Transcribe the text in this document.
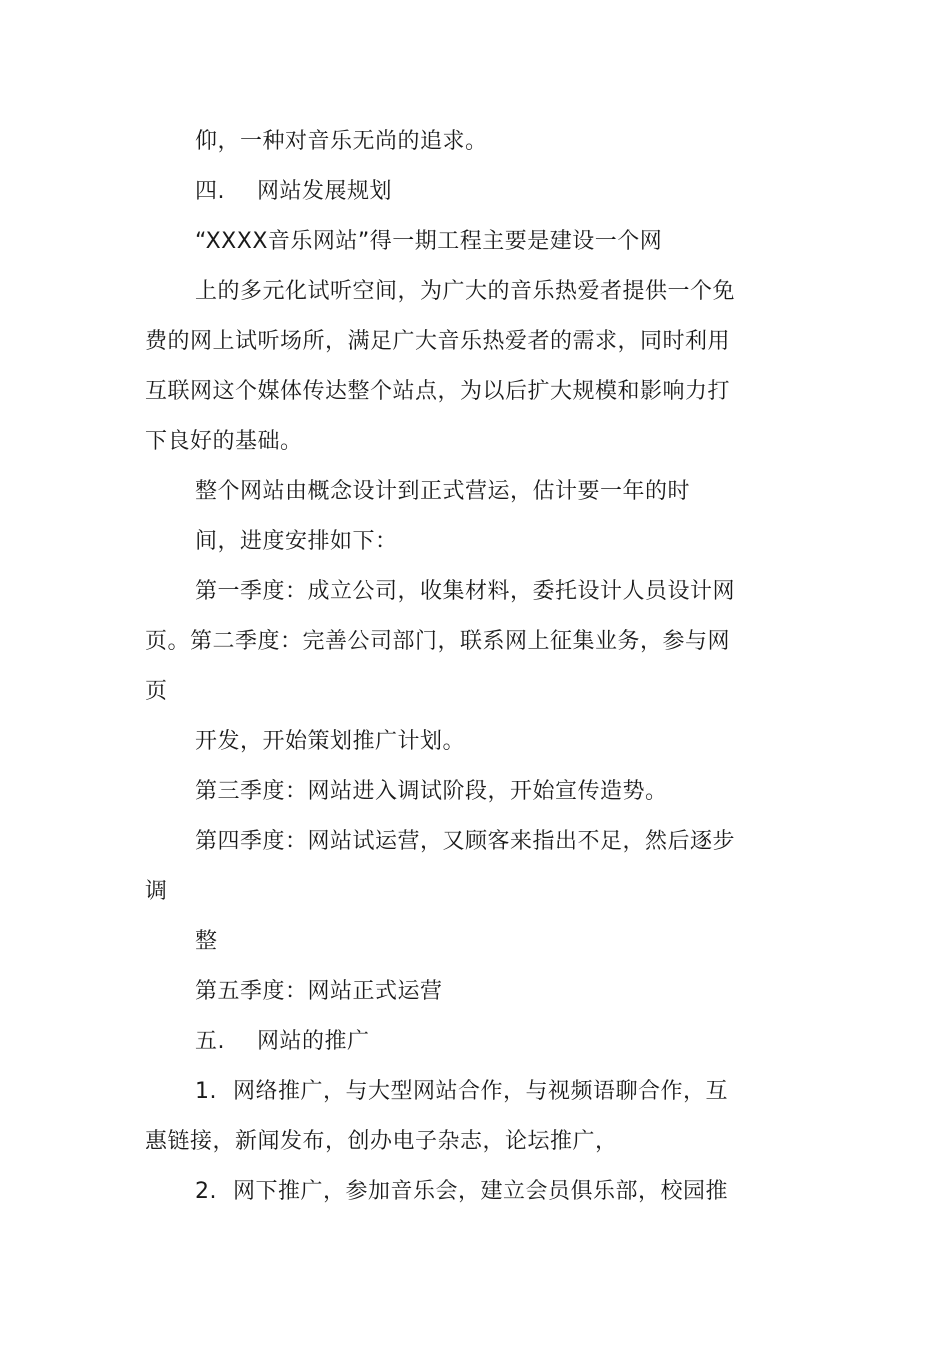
仰，一种对音乐无尚的追求。
四. 网站发展规划
“XXXX音乐网站”得一期工程主要是建设一个网
上的多元化试听空间，为广大的音乐热爱者提供一个免
费的网上试听场所，满足广大音乐热爱者的需求，同时利用
互联网这个媒体传达整个站点，为以后扩大规模和影响力打
下良好的基础。
整个网站由概念设计到正式营运，估计要一年的时
间，进度安排如下：
第一季度：成立公司，收集材料，委托设计人员设计网
页。第二季度：完善公司部门，联系网上征集业务，参与网
页
开发，开始策划推广计划。
第三季度：网站进入调试阶段，开始宣传造势。
第四季度：网站试运营，又顾客来指出不足，然后逐步
调
整
第五季度：网站正式运营
五. 网站的推广
1. 网络推广，与大型网站合作，与视频语聊合作，互
惠链接，新闻发布，创办电子杂志，论坛推广，
2. 网下推广，参加音乐会，建立会员俱乐部，校园推
